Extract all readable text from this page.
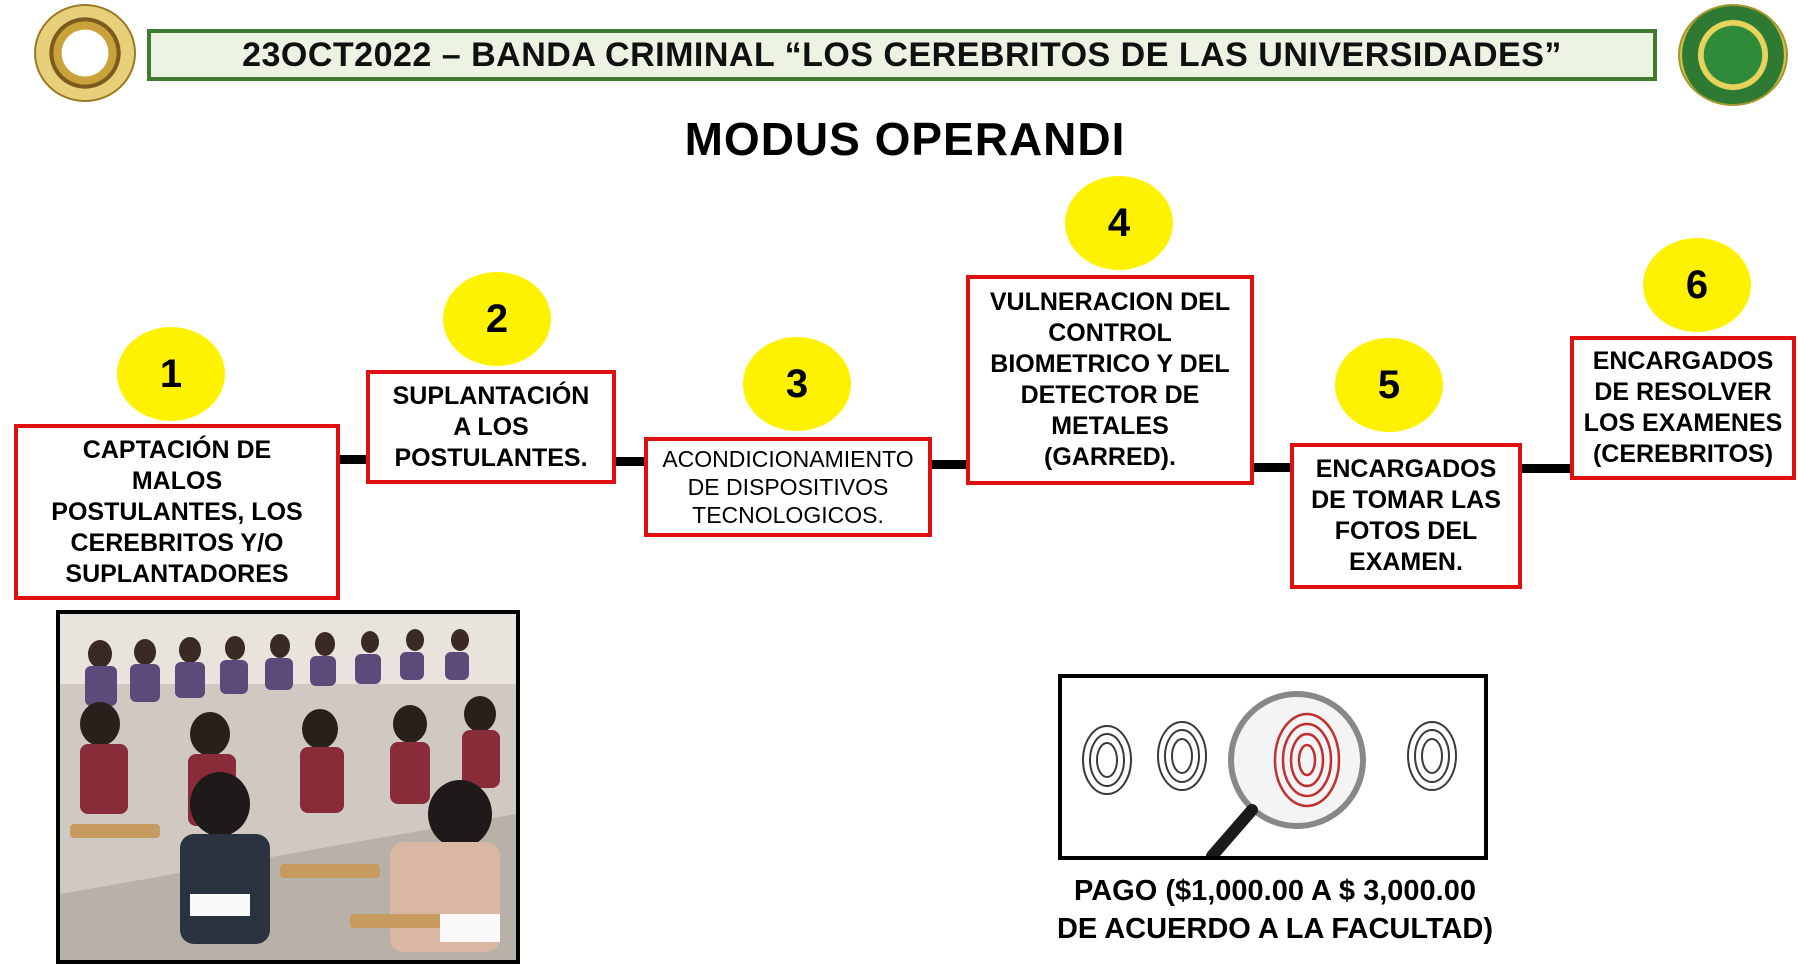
23OCT2022 – BANDA CRIMINAL “LOS CEREBRITOS DE LAS UNIVERSIDADES”
MODUS OPERANDI
1
CAPTACIÓN DE
MALOS
POSTULANTES, LOS
CEREBRITOS Y/O
SUPLANTADORES
2
SUPLANTACIÓN
A LOS
POSTULANTES.
3
ACONDICIONAMIENTO
DE DISPOSITIVOS
TECNOLOGICOS.
4
VULNERACION DEL
CONTROL
BIOMETRICO Y DEL
DETECTOR DE
METALES
(GARRED).
5
ENCARGADOS
DE TOMAR LAS
FOTOS DEL
EXAMEN.
6
ENCARGADOS
DE RESOLVER
LOS EXAMENES
(CEREBRITOS)
PAGO ($1,000.00 A $ 3,000.00
DE ACUERDO A LA FACULTAD)
